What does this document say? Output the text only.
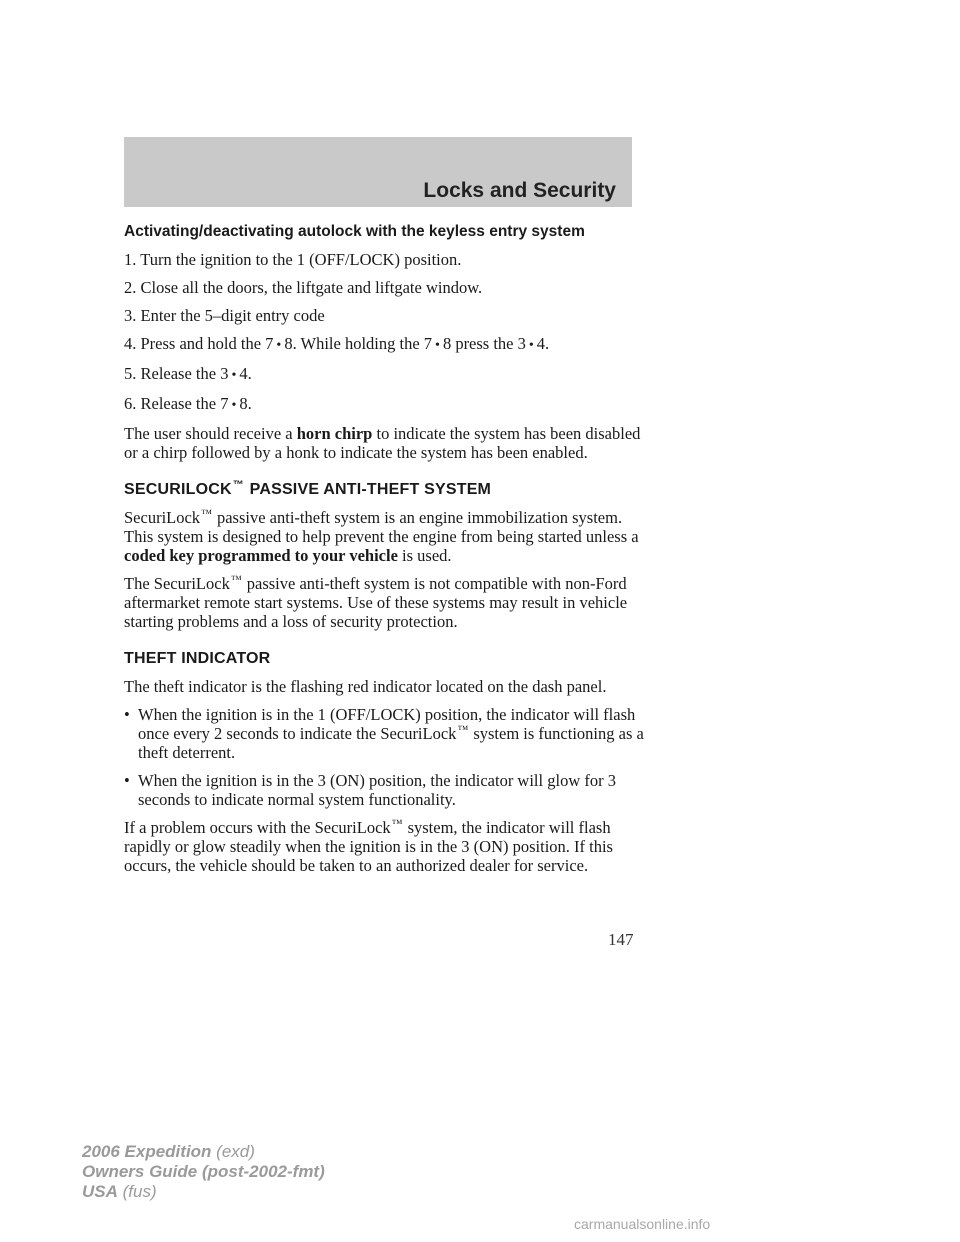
Locks and Security
Activating/deactivating autolock with the keyless entry system

1. Turn the ignition to the 1 (OFF/LOCK) position.

2. Close all the doors, the liftgate and liftgate window.

3. Enter the 5–digit entry code

4. Press and hold the 7 • 8. While holding the 7 • 8 press the 3 • 4.

5. Release the 3 • 4.

6. Release the 7 • 8.

The user should receive a horn chirp to indicate the system has been disabled or a chirp followed by a honk to indicate the system has been enabled.

SECURILOCK™ PASSIVE ANTI-THEFT SYSTEM

SecuriLock™ passive anti-theft system is an engine immobilization system. This system is designed to help prevent the engine from being started unless a coded key programmed to your vehicle is used.

The SecuriLock™ passive anti-theft system is not compatible with non-Ford aftermarket remote start systems. Use of these systems may result in vehicle starting problems and a loss of security protection.

THEFT INDICATOR

The theft indicator is the flashing red indicator located on the dash panel.

• When the ignition is in the 1 (OFF/LOCK) position, the indicator will flash once every 2 seconds to indicate the SecuriLock™ system is functioning as a theft deterrent.
• When the ignition is in the 3 (ON) position, the indicator will glow for 3 seconds to indicate normal system functionality.

If a problem occurs with the SecuriLock™ system, the indicator will flash rapidly or glow steadily when the ignition is in the 3 (ON) position. If this occurs, the vehicle should be taken to an authorized dealer for service.

147
2006 Expedition (exd)
Owners Guide (post-2002-fmt)
USA (fus)
carmanualsonline.info
